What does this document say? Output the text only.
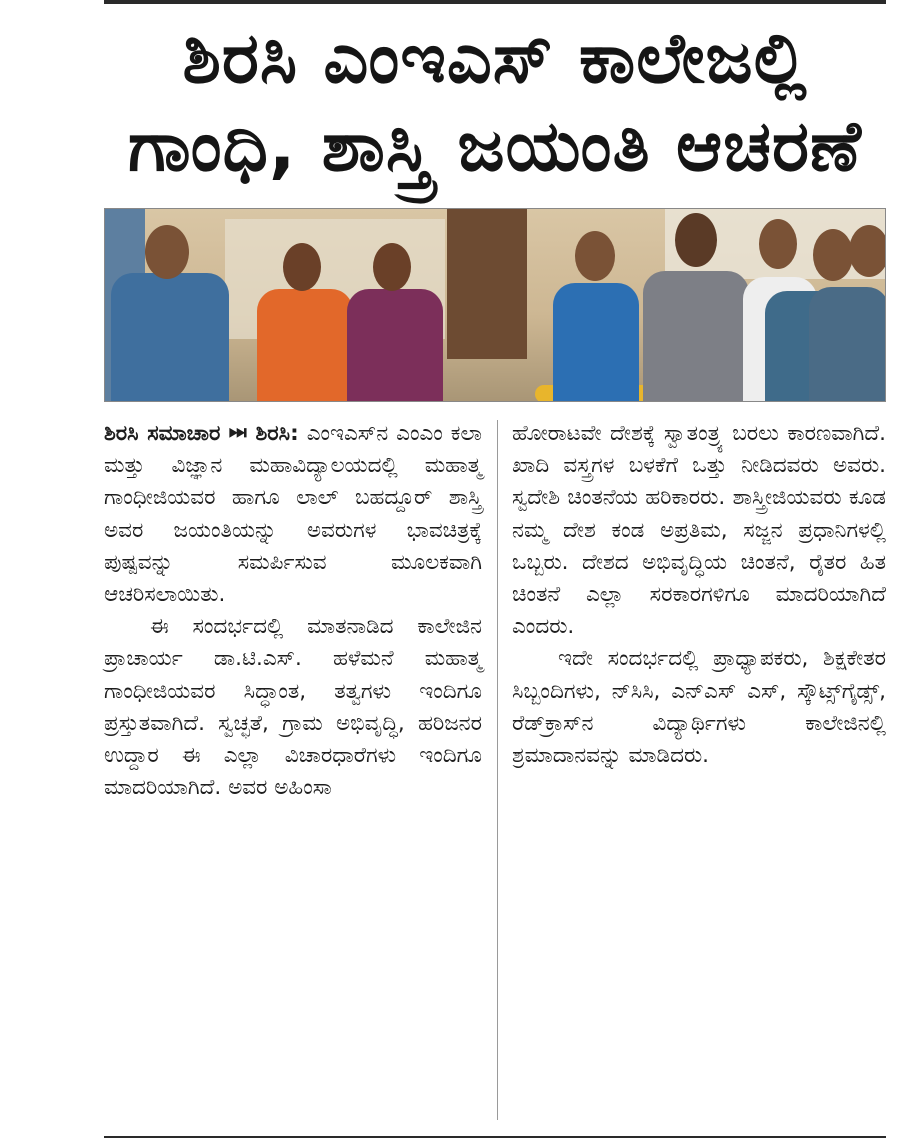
ಶಿರಸಿ ಎಂಇಎಸ್ ಕಾಲೇಜಲ್ಲಿ
ಗಾಂಧಿ, ಶಾಸ್ತ್ರಿ ಜಯಂತಿ ಆಚರಣೆ

ಶಿರಸಿ ಸಮಾಚಾರ ⏭ ಶಿರಸಿ: ಎಂಇಎಸ್‌ನ ಎಂಎಂ ಕಲಾ ಮತ್ತು ವಿಜ್ಞಾನ ಮಹಾವಿದ್ಯಾಲಯದಲ್ಲಿ ಮಹಾತ್ಮ ಗಾಂಧೀಜಿಯವರ ಹಾಗೂ ಲಾಲ್ ಬಹದ್ದೂರ್ ಶಾಸ್ತ್ರಿ ಅವರ ಜಯಂತಿಯನ್ನು ಅವರುಗಳ ಭಾವಚಿತ್ರಕ್ಕೆ ಪುಷ್ಪವನ್ನು ಸಮರ್ಪಿಸುವ ಮೂಲಕವಾಗಿ ಆಚರಿಸಲಾಯಿತು.

ಈ ಸಂದರ್ಭದಲ್ಲಿ ಮಾತನಾಡಿದ ಕಾಲೇಜಿನ ಪ್ರಾಚಾರ್ಯ ಡಾ.ಟಿ.ಎಸ್. ಹಳೆಮನೆ ಮಹಾತ್ಮ ಗಾಂಧೀಜಿಯವರ ಸಿದ್ಧಾಂತ, ತತ್ವಗಳು ಇಂದಿಗೂ ಪ್ರಸ್ತುತವಾಗಿದೆ. ಸ್ವಚ್ಛತೆ, ಗ್ರಾಮ ಅಭಿವೃದ್ಧಿ, ಹರಿಜನರ ಉದ್ದಾರ ಈ ಎಲ್ಲಾ ವಿಚಾರಧಾರೆಗಳು ಇಂದಿಗೂ ಮಾದರಿಯಾಗಿದೆ. ಅವರ ಅಹಿಂಸಾ

ಹೋರಾಟವೇ ದೇಶಕ್ಕೆ ಸ್ವಾತಂತ್ರ್ಯ ಬರಲು ಕಾರಣವಾಗಿದೆ. ಖಾದಿ ವಸ್ತ್ರಗಳ ಬಳಕೆಗೆ ಒತ್ತು ನೀಡಿದವರು ಅವರು. ಸ್ವದೇಶಿ ಚಿಂತನೆಯ ಹರಿಕಾರರು. ಶಾಸ್ತ್ರೀಜಿಯವರು ಕೂಡ ನಮ್ಮ ದೇಶ ಕಂಡ ಅಪ್ರತಿಮ, ಸಜ್ಜನ ಪ್ರಧಾನಿಗಳಲ್ಲಿ ಒಬ್ಬರು. ದೇಶದ ಅಭಿವೃದ್ಧಿಯ ಚಿಂತನೆ, ರೈತರ ಹಿತ ಚಿಂತನೆ ಎಲ್ಲಾ ಸರಕಾರಗಳಿಗೂ ಮಾದರಿಯಾಗಿದೆ ಎಂದರು.

ಇದೇ ಸಂದರ್ಭದಲ್ಲಿ ಪ್ರಾಧ್ಯಾಪಕರು, ಶಿಕ್ಷಕೇತರ ಸಿಬ್ಬಂದಿಗಳು, ನ್‌ಸಿಸಿ, ಎನ್‌ಎಸ್ ಎಸ್, ಸ್ಕೌಟ್ಸ್‌ಗೈಡ್ಸ್, ರೆಡ್‌ಕ್ರಾಸ್‌ನ ವಿದ್ಯಾರ್ಥಿಗಳು ಕಾಲೇಜಿನಲ್ಲಿ ಶ್ರಮಾದಾನವನ್ನು ಮಾಡಿದರು.
